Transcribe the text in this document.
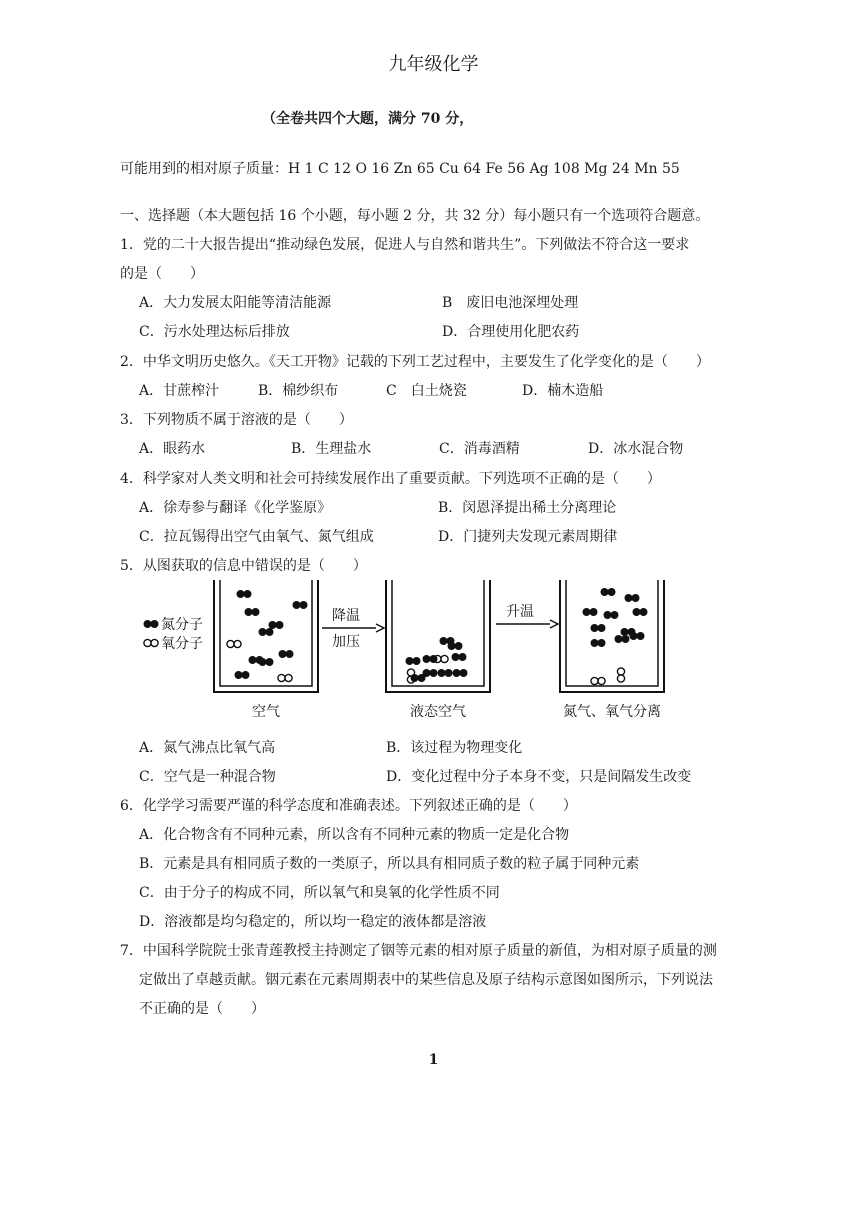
九年级化学
（全卷共四个大题，满分 70 分，
可能用到的相对原子质量：H 1 C 12 O 16 Zn 65 Cu 64 Fe 56 Ag 108 Mg 24 Mn 55
一、选择题（本大题包括 16 个小题，每小题 2 分，共 32 分）每小题只有一个选项符合题意。
1．党的二十大报告提出“推动绿色发展，促进人与自然和谐共生”。下列做法不符合这一要求
的是（　　）
A．大力发展太阳能等清洁能源	B　废旧电池深埋处理
C．污水处理达标后排放	D．合理使用化肥农药
2．中华文明历史悠久。《天工开物》记载的下列工艺过程中，主要发生了化学变化的是（　　）
A．甘蔗榨汁	B．棉纱织布	C　白土烧瓷	D．楠木造船
3．下列物质不属于溶液的是（　　）
A．眼药水	B．生理盐水	C．消毒酒精	D．冰水混合物
4．科学家对人类文明和社会可持续发展作出了重要贡献。下列选项不正确的是（　　）
A．徐寿参与翻译《化学鉴原》	B．闵恩泽提出稀土分离理论
C．拉瓦锡得出空气由氧气、氮气组成	D．门捷列夫发现元素周期律
5．从图获取的信息中错误的是（　　）
氮分子
氧分子
降温
加压
升温
空气	液态空气	氮气、氧气分离
A．氮气沸点比氧气高	B．该过程为物理变化
C．空气是一种混合物	D．变化过程中分子本身不变，只是间隔发生改变
6．化学学习需要严谨的科学态度和准确表述。下列叙述正确的是（　　）
A．化合物含有不同种元素，所以含有不同种元素的物质一定是化合物
B．元素是具有相同质子数的一类原子，所以具有相同质子数的粒子属于同种元素
C．由于分子的构成不同，所以氧气和臭氧的化学性质不同
D．溶液都是均匀稳定的，所以均一稳定的液体都是溶液
7．中国科学院院士张青莲教授主持测定了铟等元素的相对原子质量的新值，为相对原子质量的测
定做出了卓越贡献。铟元素在元素周期表中的某些信息及原子结构示意图如图所示，下列说法
不正确的是（　　）
1
